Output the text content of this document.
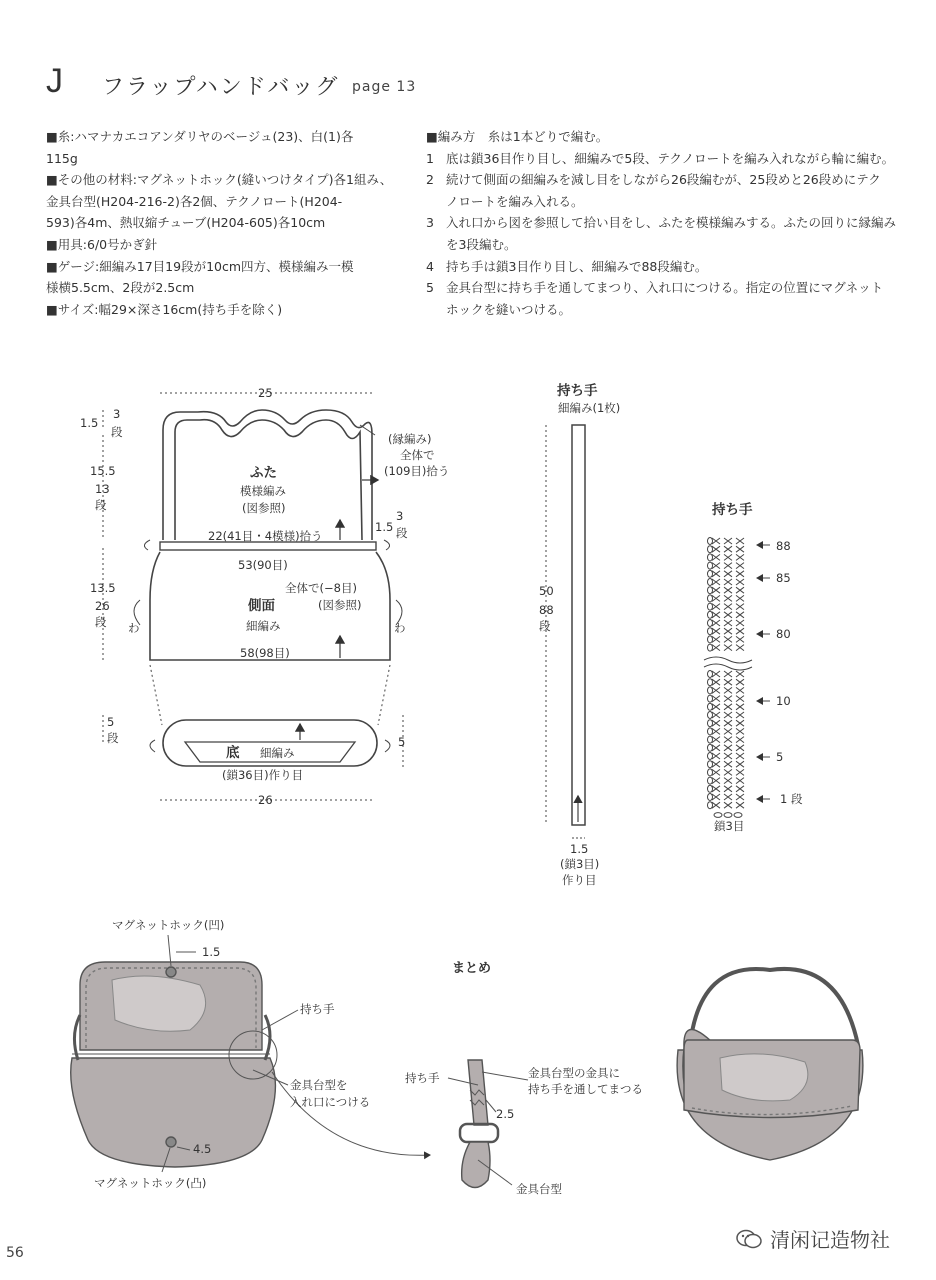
J フラップハンドバッグ page 13
■糸:ハマナカエコアンダリヤのベージュ(23)、白(1)各
115g
■その他の材料:マグネットホック(縫いつけタイプ)各1組み、
金具台型(H204-216-2)各2個、テクノロート(H204-
593)各4m、熱収縮チューブ(H204-605)各10cm
■用具:6/0号かぎ針
■ゲージ:細編み17目19段が10cm四方、模様編み一模
様横5.5cm、2段が2.5cm
■サイズ:幅29×深さ16cm(持ち手を除く)
■編み方　糸は1本どりで編む。
1 底は鎖36目作り目し、細編みで5段、テクノロートを編み入れながら輪に編む。
2 続けて側面の細編みを減し目をしながら26段編むが、25段めと26段めにテク
ノロートを編み入れる。
3 入れ口から図を参照して拾い目をし、ふたを模様編みする。ふたの回りに縁編み
を3段編む。
4 持ち手は鎖3目作り目し、細編みで88段編む。
5 金具台型に持ち手を通してまつり、入れ口につける。指定の位置にマグネット
ホックを縫いつける。
25
1.5
3
段
15.5
13
段
13.5
26
段
5
段	5
26
ふた
模様編み
(図参照)
(縁編み)
全体で
(109目)拾う
1.5
3
段
22(41目・4模様)拾う
53(90目)
全体で(−8目)
(図参照)
側面
細編み
わ	わ
58(98目)
底 細編み
(鎖36目)作り目
持ち手
細編み(1枚)
50
88
段
1.5
(鎖3目)
作り目
持ち手
88
85
80
10
5
1 段
鎖3目
マグネットホック(凹)
1.5
持ち手
金具台型を
入れ口につける
4.5
マグネットホック(凸)
まとめ
持ち手	金具台型の金具に
持ち手を通してまつる
2.5
金具台型
56
清闲记造物社
